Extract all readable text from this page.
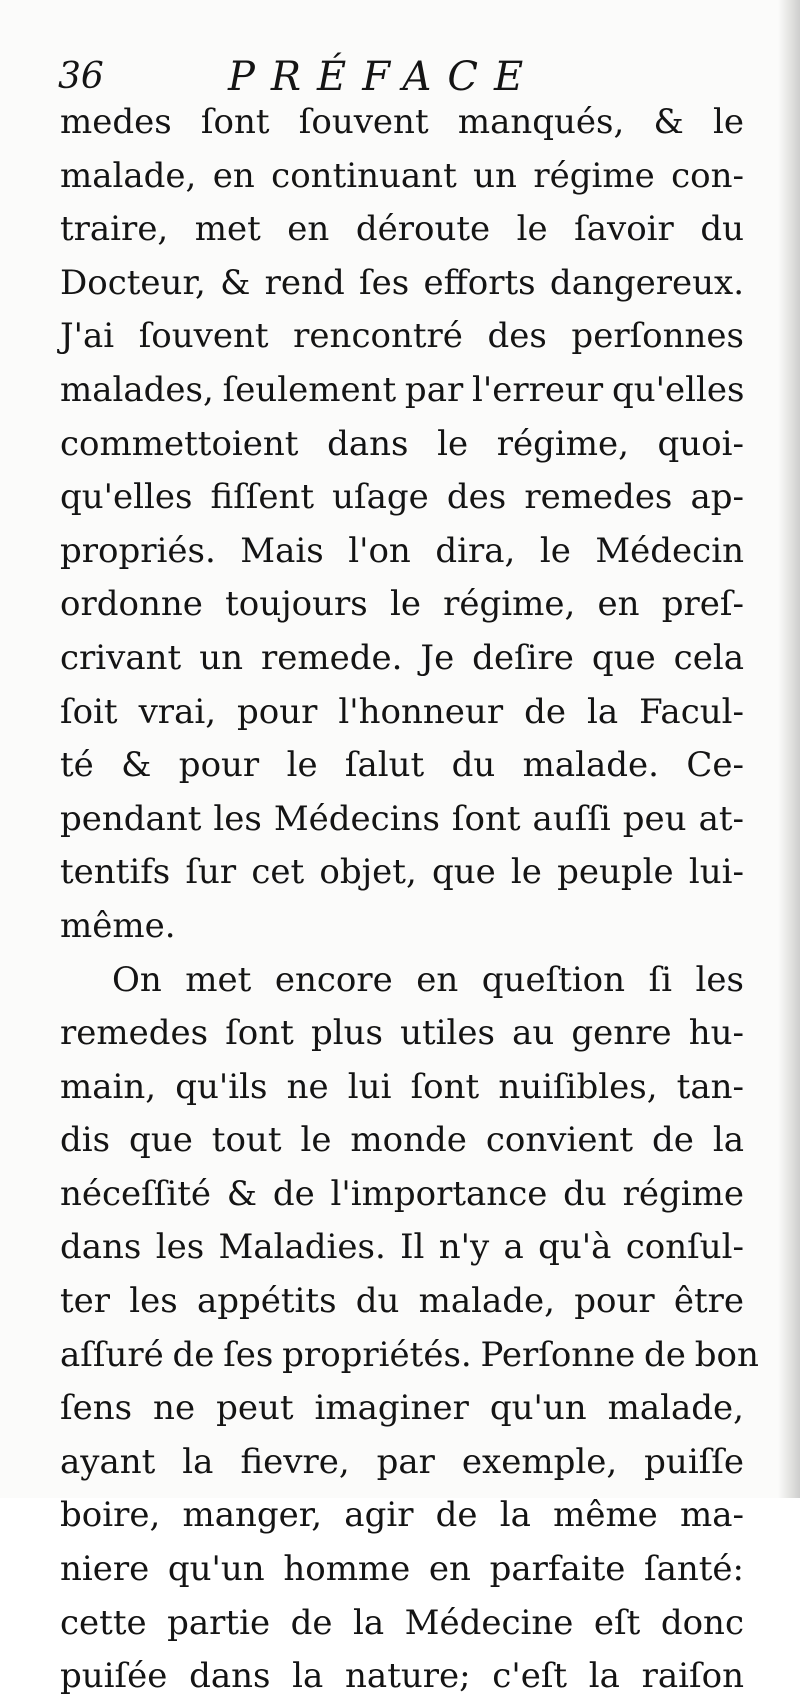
36	PRÉFACE
medes ſont ſouvent manqués, & le
malade, en continuant un régime con-
traire, met en déroute le ſavoir du
Docteur, & rend ſes efforts dangereux.
J'ai ſouvent rencontré des perſonnes
malades, ſeulement par l'erreur qu'elles
commettoient dans le régime, quoi-
qu'elles fiſſent uſage des remedes ap-
propriés. Mais l'on dira, le Médecin
ordonne toujours le régime, en preſ-
crivant un remede. Je deſire que cela
ſoit vrai, pour l'honneur de la Facul-
té & pour le ſalut du malade. Ce-
pendant les Médecins ſont auſſi peu at-
tentifs ſur cet objet, que le peuple lui-
même.
On met encore en queſtion ſi les
remedes ſont plus utiles au genre hu-
main, qu'ils ne lui ſont nuiſibles, tan-
dis que tout le monde convient de la
néceſſité & de l'importance du régime
dans les Maladies. Il n'y a qu'à conſul-
ter les appétits du malade, pour être
aſſuré de ſes propriétés. Perſonne de bon
ſens ne peut imaginer qu'un malade,
ayant la fievre, par exemple, puiſſe
boire, manger, agir de la même ma-
niere qu'un homme en parfaite ſanté:
cette partie de la Médecine eſt donc
puiſée dans la nature; c'eſt la raiſon
